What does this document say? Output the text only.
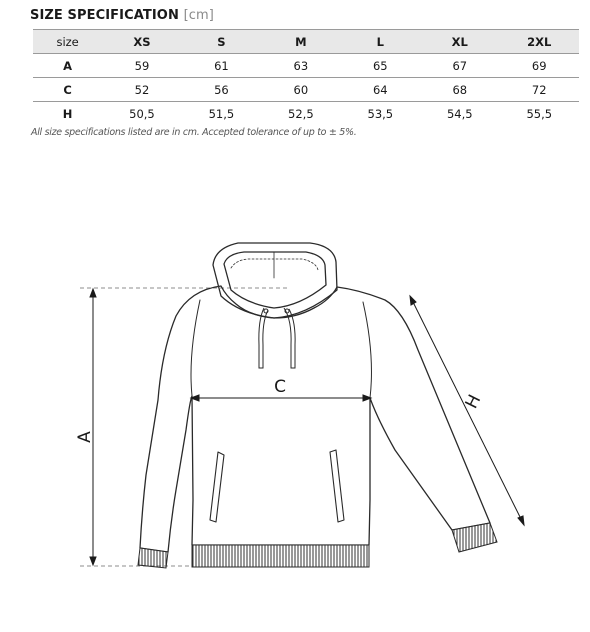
SIZE SPECIFICATION [cm]
size	XS	S	M	L	XL	2XL
A	59	61	63	65	67	69
C	52	56	60	64	68	72
H	50,5	51,5	52,5	53,5	54,5	55,5
All size specifications listed are in cm. Accepted tolerance of up to ± 5%.
A
C
H
